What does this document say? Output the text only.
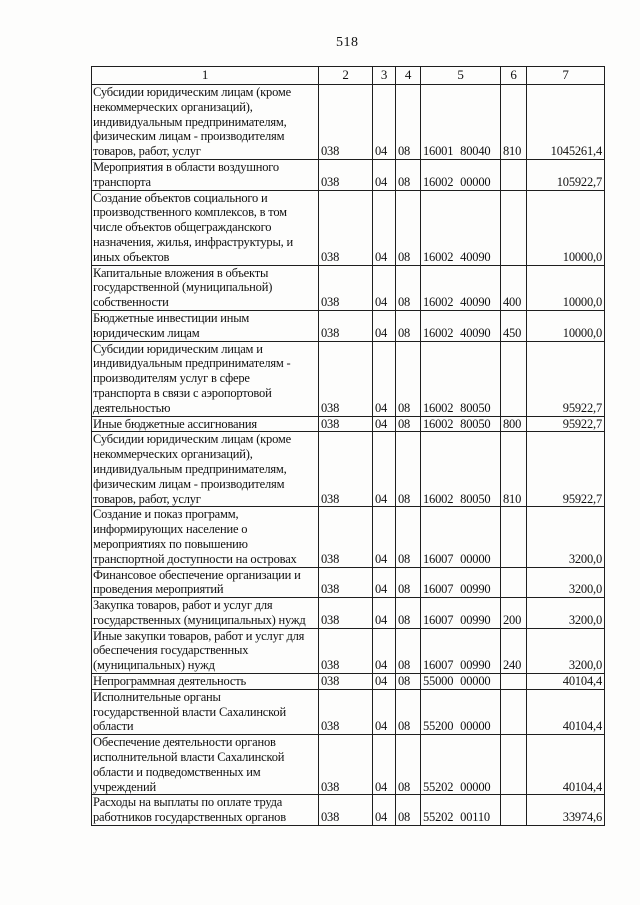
518
1	2	3	4	5	6	7
Субсидии юридическим лицам (кроме
некоммерческих организаций),
индивидуальным предпринимателям,
физическим лицам - производителям
товаров, работ, услуг	038	04	08	16001 80040	810	1045261,4
Мероприятия в области воздушного
транспорта	038	04	08	16002 00000		105922,7
Создание объектов социального и
производственного комплексов, в том
числе объектов общегражданского
назначения, жилья, инфраструктуры, и
иных объектов	038	04	08	16002 40090		10000,0
Капитальные вложения в объекты
государственной (муниципальной)
собственности	038	04	08	16002 40090	400	10000,0
Бюджетные инвестиции иным
юридическим лицам	038	04	08	16002 40090	450	10000,0
Субсидии юридическим лицам и
индивидуальным предпринимателям -
производителям услуг в сфере
транспорта в связи с аэропортовой
деятельностью	038	04	08	16002 80050		95922,7
Иные бюджетные ассигнования	038	04	08	16002 80050	800	95922,7
Субсидии юридическим лицам (кроме
некоммерческих организаций),
индивидуальным предпринимателям,
физическим лицам - производителям
товаров, работ, услуг	038	04	08	16002 80050	810	95922,7
Создание и показ программ,
информирующих население о
мероприятиях по повышению
транспортной доступности на островах	038	04	08	16007 00000		3200,0
Финансовое обеспечение организации и
проведения мероприятий	038	04	08	16007 00990		3200,0
Закупка товаров, работ и услуг для
государственных (муниципальных) нужд	038	04	08	16007 00990	200	3200,0
Иные закупки товаров, работ и услуг для
обеспечения государственных
(муниципальных) нужд	038	04	08	16007 00990	240	3200,0
Непрограммная деятельность	038	04	08	55000 00000		40104,4
Исполнительные органы
государственной власти Сахалинской
области	038	04	08	55200 00000		40104,4
Обеспечение деятельности органов
исполнительной власти Сахалинской
области и подведомственных им
учреждений	038	04	08	55202 00000		40104,4
Расходы на выплаты по оплате труда
работников государственных органов	038	04	08	55202 00110		33974,6
